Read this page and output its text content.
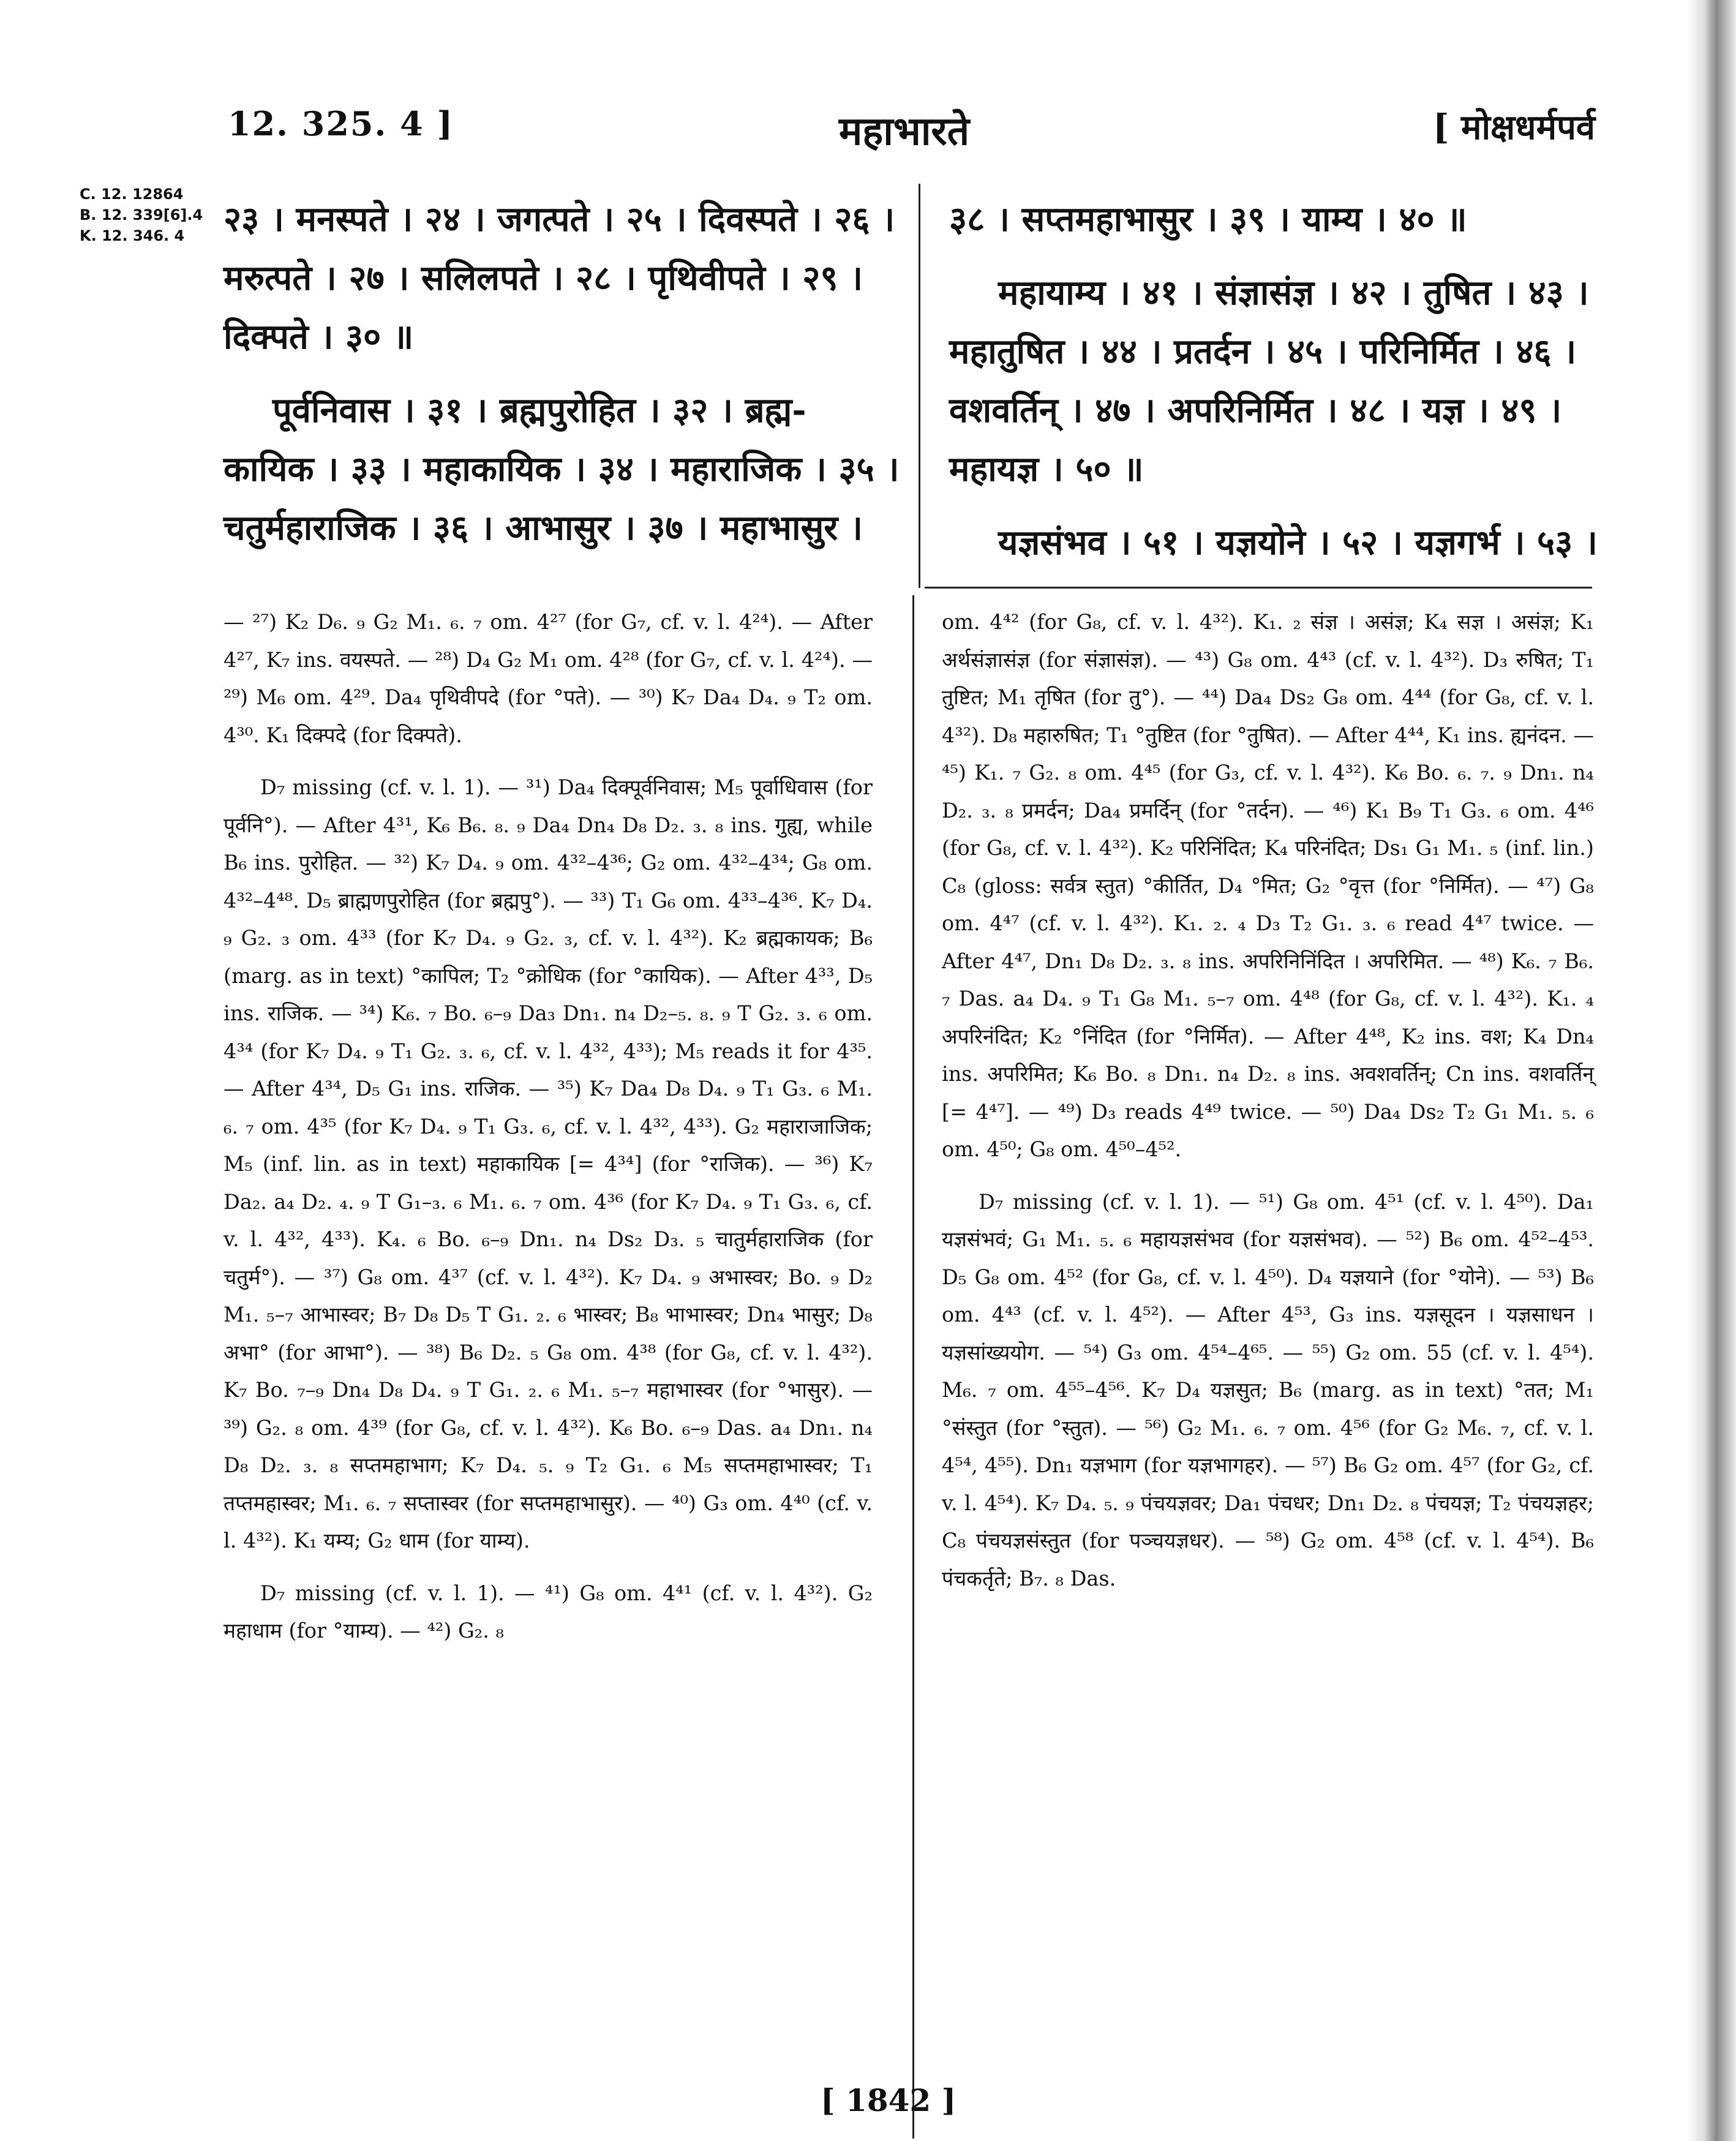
12. 325. 4 ]	महाभारते	[ मोक्षधर्मपर्व
C. 12. 12864
B. 12. 339[6].4
K. 12. 346. 4	२३ । मनस्पते । २४ । जगत्पते । २५ । दिवस्पते । २६ ।
मरुत्पते । २७ । सलिलपते । २८ । पृथिवीपते । २९ ।
दिक्पते । ३० ॥
पूर्वनिवास । ३१ । ब्रह्मपुरोहित । ३२ । ब्रह्म-
कायिक । ३३ । महाकायिक । ३४ । महाराजिक । ३५ ।
चतुर्महाराजिक । ३६ । आभासुर । ३७ । महाभासुर ।
३८ । सप्तमहाभासुर । ३९ । याम्य । ४० ॥
महायाम्य । ४१ । संज्ञासंज्ञ । ४२ । तुषित । ४३ ।
महातुषित । ४४ । प्रतर्दन । ४५ । परिनिर्मित । ४६ ।
वशवर्तिन् । ४७ । अपरिनिर्मित । ४८ । यज्ञ । ४९ ।
महायज्ञ । ५० ॥
यज्ञसंभव । ५१ । यज्ञयोने । ५२ । यज्ञगर्भ । ५३ ।

— ²⁷) K₂ D₆. ₉ G₂ M₁. ₆. ₇ om. 4²⁷ (for G₇, cf. v. l. 4²⁴). — After 4²⁷, K₇ ins. वयस्पते. — ²⁸) D₄ G₂ M₁ om. 4²⁸ (for G₇, cf. v. l. 4²⁴). — ²⁹) M₆ om. 4²⁹. Da₄ पृथिवीपदे (for °पते). — ³⁰) K₇ Da₄ D₄. ₉ T₂ om. 4³⁰. K₁ दिक्पदे (for दिक्पते).

D₇ missing (cf. v. l. 1). — ³¹) Da₄ दिक्पूर्वनिवास; M₅ पूर्वाधिवास (for पूर्वनि°). — After 4³¹, K₆ B₆. ₈. ₉ Da₄ Dn₄ D₈ D₂. ₃. ₈ ins. गुह्य, while B₆ ins. पुरोहित. — ³²) K₇ D₄. ₉ om. 4³²–4³⁶; G₂ om. 4³²–4³⁴; G₈ om. 4³²–4⁴⁸. D₅ ब्राह्मणपुरोहित (for ब्रह्मपु°). — ³³) T₁ G₆ om. 4³³–4³⁶. K₇ D₄. ₉ G₂. ₃ om. 4³³ (for K₇ D₄. ₉ G₂. ₃, cf. v. l. 4³²). K₂ ब्रह्मकायक; B₆ (marg. as in text) °कापिल; T₂ °क्रोधिक (for °कायिक). — After 4³³, D₅ ins. राजिक. — ³⁴) K₆. ₇ Bo. ₆–₉ Da₃ Dn₁. n₄ D₂–₅. ₈. ₉ T G₂. ₃. ₆ om. 4³⁴ (for K₇ D₄. ₉ T₁ G₂. ₃. ₆, cf. v. l. 4³², 4³³); M₅ reads it for 4³⁵. — After 4³⁴, D₅ G₁ ins. राजिक. — ³⁵) K₇ Da₄ D₈ D₄. ₉ T₁ G₃. ₆ M₁. ₆. ₇ om. 4³⁵ (for K₇ D₄. ₉ T₁ G₃. ₆, cf. v. l. 4³², 4³³). G₂ महाराजाजिक; M₅ (inf. lin. as in text) महाकायिक [= 4³⁴] (for °राजिक). — ³⁶) K₇ Da₂. a₄ D₂. ₄. ₉ T G₁–₃. ₆ M₁. ₆. ₇ om. 4³⁶ (for K₇ D₄. ₉ T₁ G₃. ₆, cf. v. l. 4³², 4³³). K₄. ₆ Bo. ₆–₉ Dn₁. n₄ Ds₂ D₃. ₅ चातुर्महाराजिक (for चतुर्म°). — ³⁷) G₈ om. 4³⁷ (cf. v. l. 4³²). K₇ D₄. ₉ अभास्वर; Bo. ₉ D₂ M₁. ₅–₇ आभास्वर; B₇ D₈ D₅ T G₁. ₂. ₆ भास्वर; B₈ भाभास्वर; Dn₄ भासुर; D₈ अभा° (for आभा°). — ³⁸) B₆ D₂. ₅ G₈ om. 4³⁸ (for G₈, cf. v. l. 4³²). K₇ Bo. ₇–₉ Dn₄ D₈ D₄. ₉ T G₁. ₂. ₆ M₁. ₅–₇ महाभास्वर (for °भासुर). — ³⁹) G₂. ₈ om. 4³⁹ (for G₈, cf. v. l. 4³²). K₆ Bo. ₆–₉ Das. a₄ Dn₁. n₄ D₈ D₂. ₃. ₈ सप्तमहाभाग; K₇ D₄. ₅. ₉ T₂ G₁. ₆ M₅ सप्तमहाभास्वर; T₁ तप्तमहास्वर; M₁. ₆. ₇ सप्तास्वर (for सप्तमहाभासुर). — ⁴⁰) G₃ om. 4⁴⁰ (cf. v. l. 4³²). K₁ यम्य; G₂ धाम (for याम्य).

D₇ missing (cf. v. l. 1). — ⁴¹) G₈ om. 4⁴¹ (cf. v. l. 4³²). G₂ महाधाम (for °याम्य). — ⁴²) G₂. ₈

om. 4⁴² (for G₈, cf. v. l. 4³²). K₁. ₂ संज्ञ । असंज्ञ; K₄ सज्ञ । असंज्ञ; K₁ अर्थसंज्ञासंज्ञ (for संज्ञासंज्ञ). — ⁴³) G₈ om. 4⁴³ (cf. v. l. 4³²). D₃ रुषित; T₁ तुष्टित; M₁ तृषित (for तु°). — ⁴⁴) Da₄ Ds₂ G₈ om. 4⁴⁴ (for G₈, cf. v. l. 4³²). D₈ महारुषित; T₁ °तुष्टित (for °तुषित). — After 4⁴⁴, K₁ ins. ह्यनंदन. — ⁴⁵) K₁. ₇ G₂. ₈ om. 4⁴⁵ (for G₃, cf. v. l. 4³²). K₆ Bo. ₆. ₇. ₉ Dn₁. n₄ D₂. ₃. ₈ प्रमर्दन; Da₄ प्रमर्दिन् (for °तर्दन). — ⁴⁶) K₁ B₉ T₁ G₃. ₆ om. 4⁴⁶ (for G₈, cf. v. l. 4³²). K₂ परिनिंदित; K₄ परिनंदित; Ds₁ G₁ M₁. ₅ (inf. lin.) C₈ (gloss: सर्वत्र स्तुत) °कीर्तित, D₄ °मित; G₂ °वृत्त (for °निर्मित). — ⁴⁷) G₈ om. 4⁴⁷ (cf. v. l. 4³²). K₁. ₂. ₄ D₃ T₂ G₁. ₃. ₆ read 4⁴⁷ twice. — After 4⁴⁷, Dn₁ D₈ D₂. ₃. ₈ ins. अपरिनिनिंदित । अपरिमित. — ⁴⁸) K₆. ₇ B₆. ₇ Das. a₄ D₄. ₉ T₁ G₈ M₁. ₅–₇ om. 4⁴⁸ (for G₈, cf. v. l. 4³²). K₁. ₄ अपरिनंदित; K₂ °निंदित (for °निर्मित). — After 4⁴⁸, K₂ ins. वश; K₄ Dn₄ ins. अपरिमित; K₆ Bo. ₈ Dn₁. n₄ D₂. ₈ ins. अवशवर्तिन्; Cn ins. वशवर्तिन् [= 4⁴⁷]. — ⁴⁹) D₃ reads 4⁴⁹ twice. — ⁵⁰) Da₄ Ds₂ T₂ G₁ M₁. ₅. ₆ om. 4⁵⁰; G₈ om. 4⁵⁰–4⁵².

D₇ missing (cf. v. l. 1). — ⁵¹) G₈ om. 4⁵¹ (cf. v. l. 4⁵⁰). Da₁ यज्ञसंभवं; G₁ M₁. ₅. ₆ महायज्ञसंभव (for यज्ञसंभव). — ⁵²) B₆ om. 4⁵²–4⁵³. D₅ G₈ om. 4⁵² (for G₈, cf. v. l. 4⁵⁰). D₄ यज्ञयाने (for °योने). — ⁵³) B₆ om. 4⁴³ (cf. v. l. 4⁵²). — After 4⁵³, G₃ ins. यज्ञसूदन । यज्ञसाधन । यज्ञसांख्ययोग. — ⁵⁴) G₃ om. 4⁵⁴–4⁶⁵. — ⁵⁵) G₂ om. 55 (cf. v. l. 4⁵⁴). M₆. ₇ om. 4⁵⁵–4⁵⁶. K₇ D₄ यज्ञसुत; B₆ (marg. as in text) °तत; M₁ °संस्तुत (for °स्तुत). — ⁵⁶) G₂ M₁. ₆. ₇ om. 4⁵⁶ (for G₂ M₆. ₇, cf. v. l. 4⁵⁴, 4⁵⁵). Dn₁ यज्ञभाग (for यज्ञभागहर). — ⁵⁷) B₆ G₂ om. 4⁵⁷ (for G₂, cf. v. l. 4⁵⁴). K₇ D₄. ₅. ₉ पंचयज्ञवर; Da₁ पंचधर; Dn₁ D₂. ₈ पंचयज्ञ; T₂ पंचयज्ञहर; C₈ पंचयज्ञसंस्तुत (for पञ्चयज्ञधर). — ⁵⁸) G₂ om. 4⁵⁸ (cf. v. l. 4⁵⁴). B₆ पंचकर्तृते; B₇. ₈ Das.

[ 1842 ]
